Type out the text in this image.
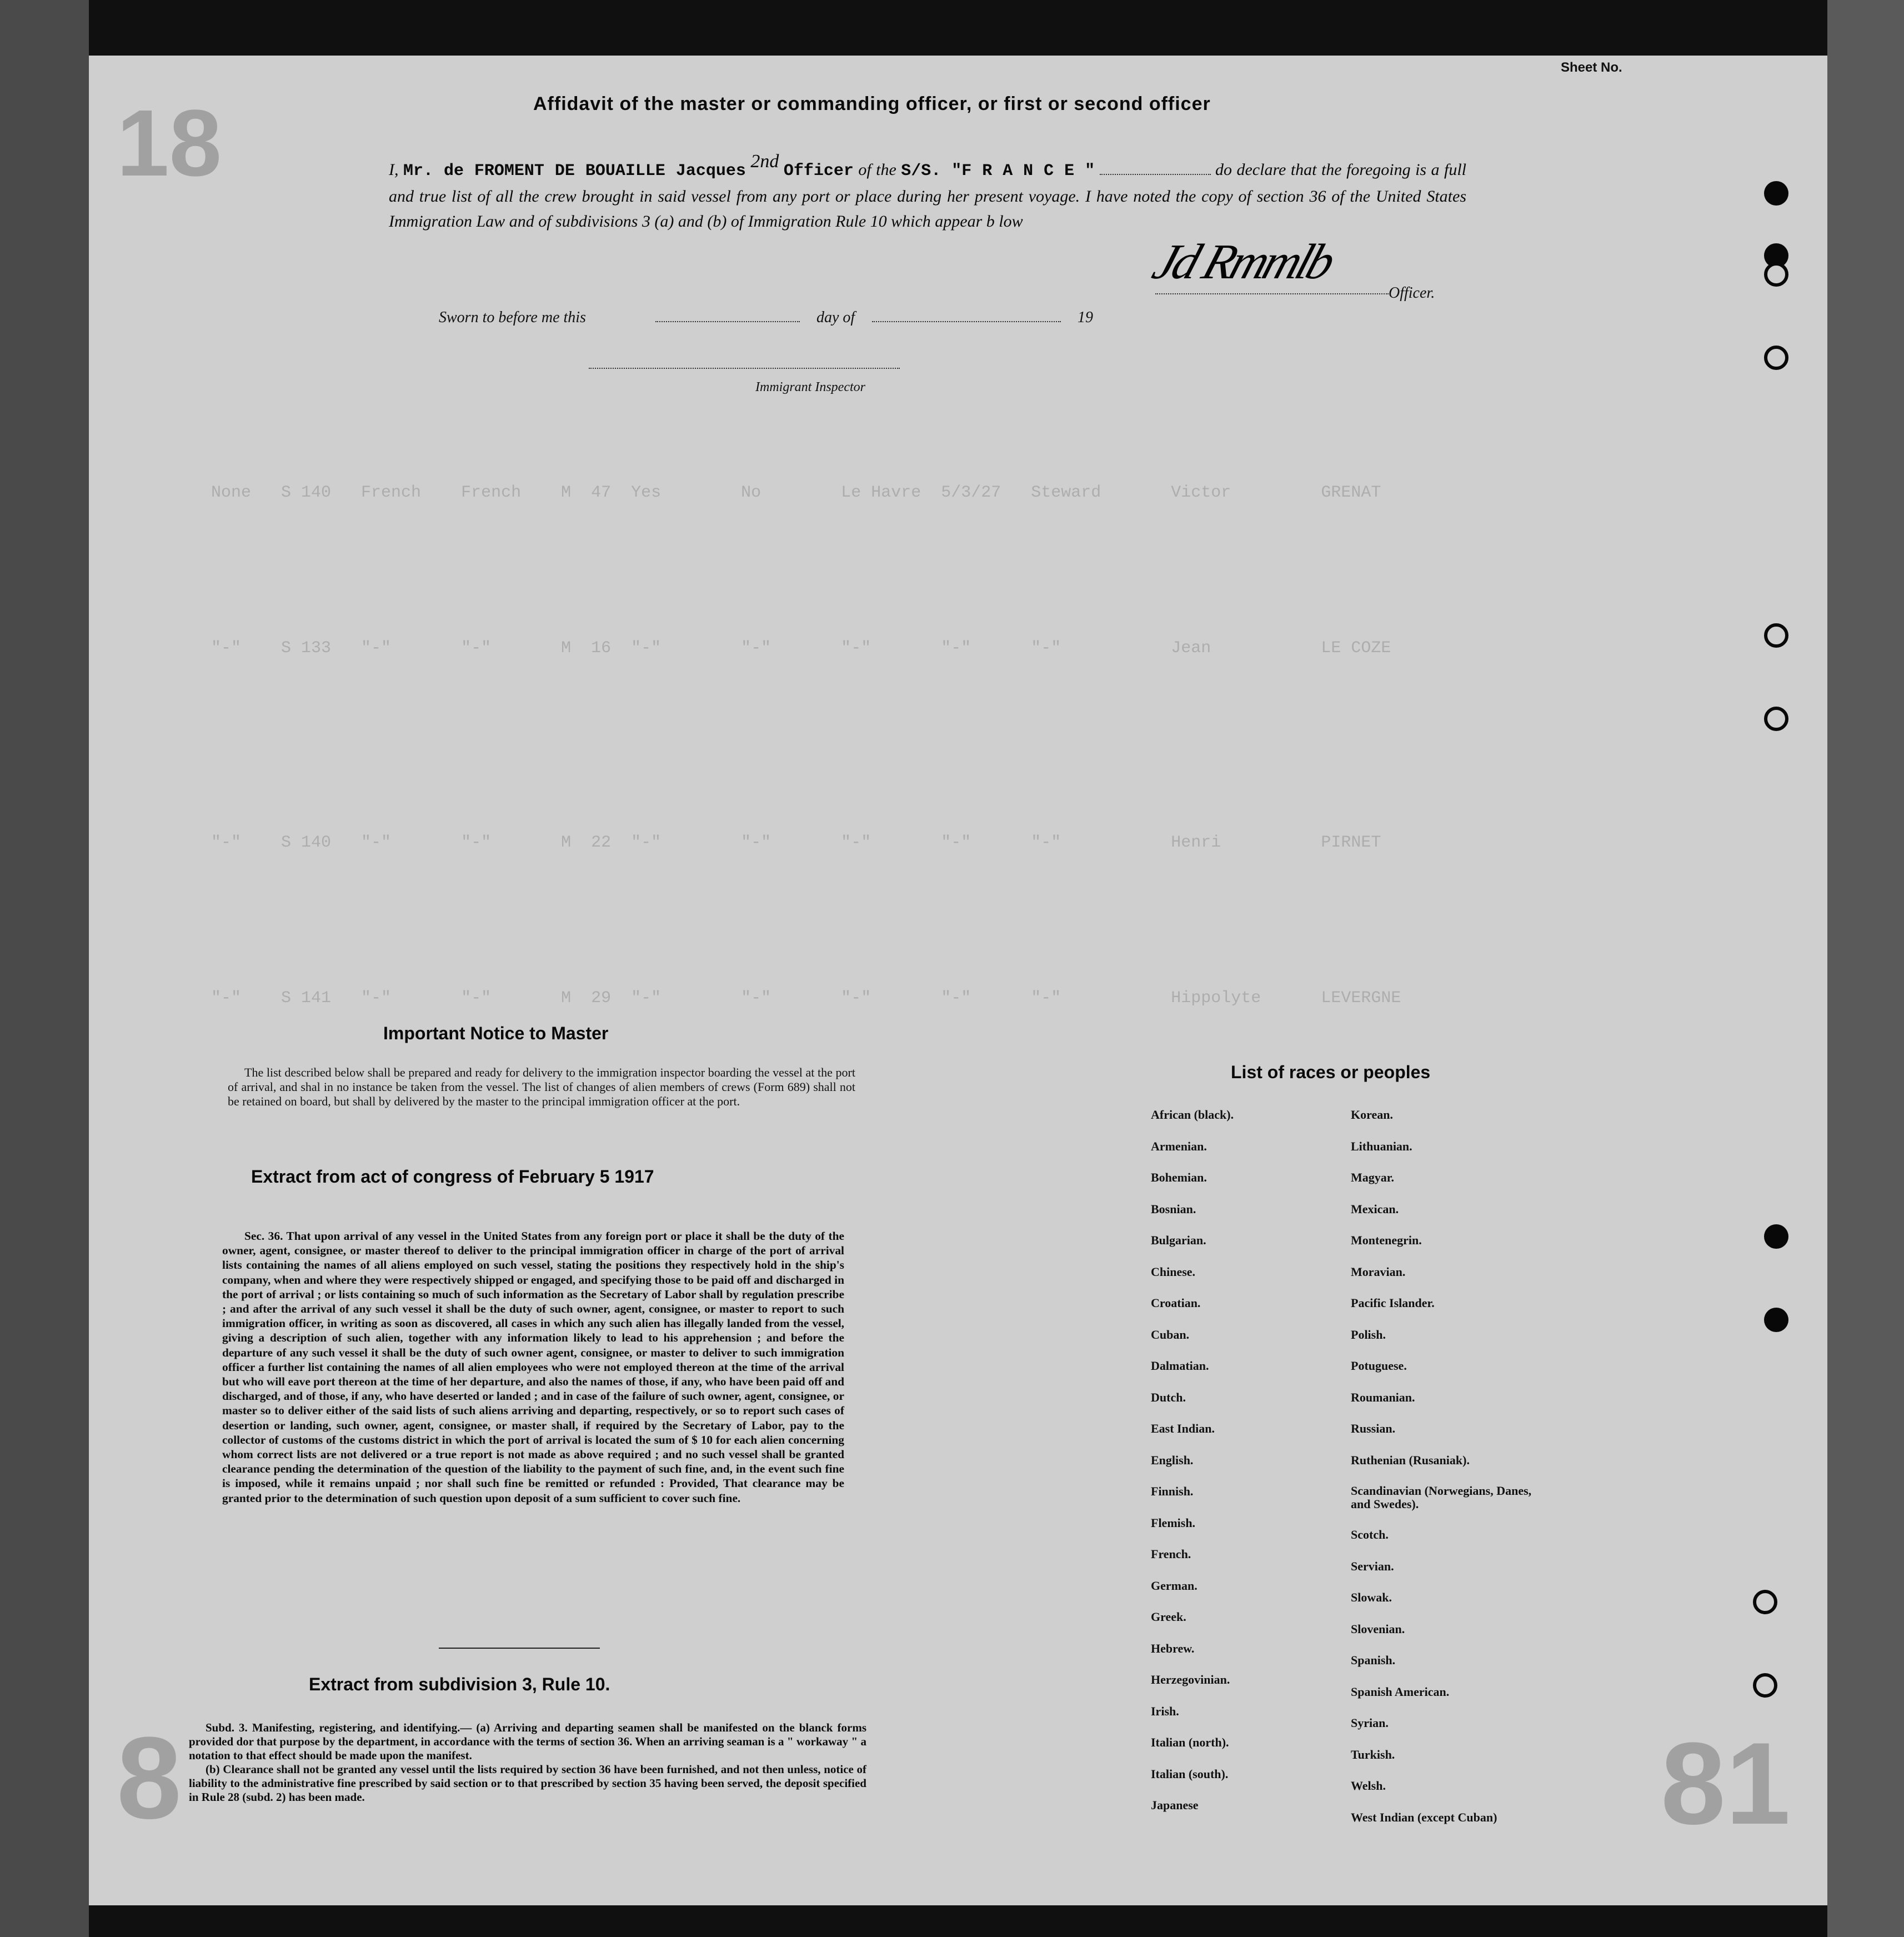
None   S 140   French    French    M  47  Yes        No        Le Havre  5/3/27   Steward       Victor         GRENAT
"-"    S 133   "-"       "-"       M  16  "-"        "-"       "-"       "-"      "-"           Jean           LE COZE
"-"    S 140   "-"       "-"       M  22  "-"        "-"       "-"       "-"      "-"           Henri          PIRNET
"-"    S 141   "-"       "-"       M  29  "-"        "-"       "-"       "-"      "-"           Hippolyte      LEVERGNE
8	81
18
Sheet No.
Affidavit of the master or commanding officer, or first or second officer
I, Mr. de FROMENT DE BOUAILLE Jacques 2nd Officer of the S/S. "F R A N C E "	do declare that the foregoing is a full and true list of all the crew brought in said vessel from any port or place during her present voyage. I have noted the copy of section 36 of the United States Immigration Law and of subdivisions 3 (a) and (b) of Immigration Rule 10 which appear b low
Jd Rmmlb
Officer.
Sworn to before me this	day of	19
Immigrant Inspector
Important Notice to Master
The list described below shall be prepared and ready for delivery to the immigration inspector boarding the vessel at the port of arrival, and shal in no instance be taken from the vessel. The list of changes of alien members of crews (Form 689) shall not be retained on board, but shall by delivered by the master to the principal immigration officer at the port.
Extract from act of congress of February 5 1917
Sec. 36. That upon arrival of any vessel in the United States from any foreign port or place it shall be the duty of the owner, agent, consignee, or master thereof to deliver to the principal immigration officer in charge of the port of arrival lists containing the names of all aliens employed on such vessel, stating the positions they respectively hold in the ship's company, when and where they were respectively shipped or engaged, and specifying those to be paid off and discharged in the port of arrival ; or lists containing so much of such information as the Secretary of Labor shall by regulation prescribe ; and after the arrival of any such vessel it shall be the duty of such owner, agent, consignee, or master to report to such immigration officer, in writing as soon as discovered, all cases in which any such alien has illegally landed from the vessel, giving a description of such alien, together with any information likely to lead to his apprehension ; and before the departure of any such vessel it shall be the duty of such owner agent, consignee, or master to deliver to such immigration officer a further list containing the names of all alien employees who were not employed thereon at the time of the arrival but who will eave port thereon at the time of her departure, and also the names of those, if any, who have been paid off and discharged, and of those, if any, who have deserted or landed ; and in case of the failure of such owner, agent, consignee, or master so to deliver either of the said lists of such aliens arriving and departing, respectively, or so to report such cases of desertion or landing, such owner, agent, consignee, or master shall, if required by the Secretary of Labor, pay to the collector of customs of the customs district in which the port of arrival is located the sum of $ 10 for each alien concerning whom correct lists are not delivered or a true report is not made as above required ; and no such vessel shall be granted clearance pending the determination of the question of the liability to the payment of such fine, and, in the event such fine is imposed, while it remains unpaid ; nor shall such fine be remitted or refunded : Provided, That clearance may be granted prior to the determination of such question upon deposit of a sum sufficient to cover such fine.
Extract from subdivision 3, Rule 10.
Subd. 3. Manifesting, registering, and identifying.— (a) Arriving and departing seamen shall be manifested on the blanck forms provided dor that purpose by the department, in accordance with the terms of section 36. When an arriving seaman is a " workaway " a notation to that effect should be made upon the manifest.
(b) Clearance shall not be granted any vessel until the lists required by section 36 have been furnished, and not then unless, notice of liability to the administrative fine prescribed by said section or to that prescribed by section 35 having been served, the deposit specified in Rule 28 (subd. 2) has been made.
List of races or peoples
African (black).
Armenian.
Bohemian.
Bosnian.
Bulgarian.
Chinese.
Croatian.
Cuban.
Dalmatian.
Dutch.
East Indian.
English.
Finnish.
Flemish.
French.
German.
Greek.
Hebrew.
Herzegovinian.
Irish.
Italian (north).
Italian (south).
Japanese
Korean.
Lithuanian.
Magyar.
Mexican.
Montenegrin.
Moravian.
Pacific Islander.
Polish.
Potuguese.
Roumanian.
Russian.
Ruthenian (Rusaniak).
Scandinavian (Norwegians, Danes, and Swedes).
Scotch.
Servian.
Slowak.
Slovenian.
Spanish.
Spanish American.
Syrian.
Turkish.
Welsh.
West Indian (except Cuban)
